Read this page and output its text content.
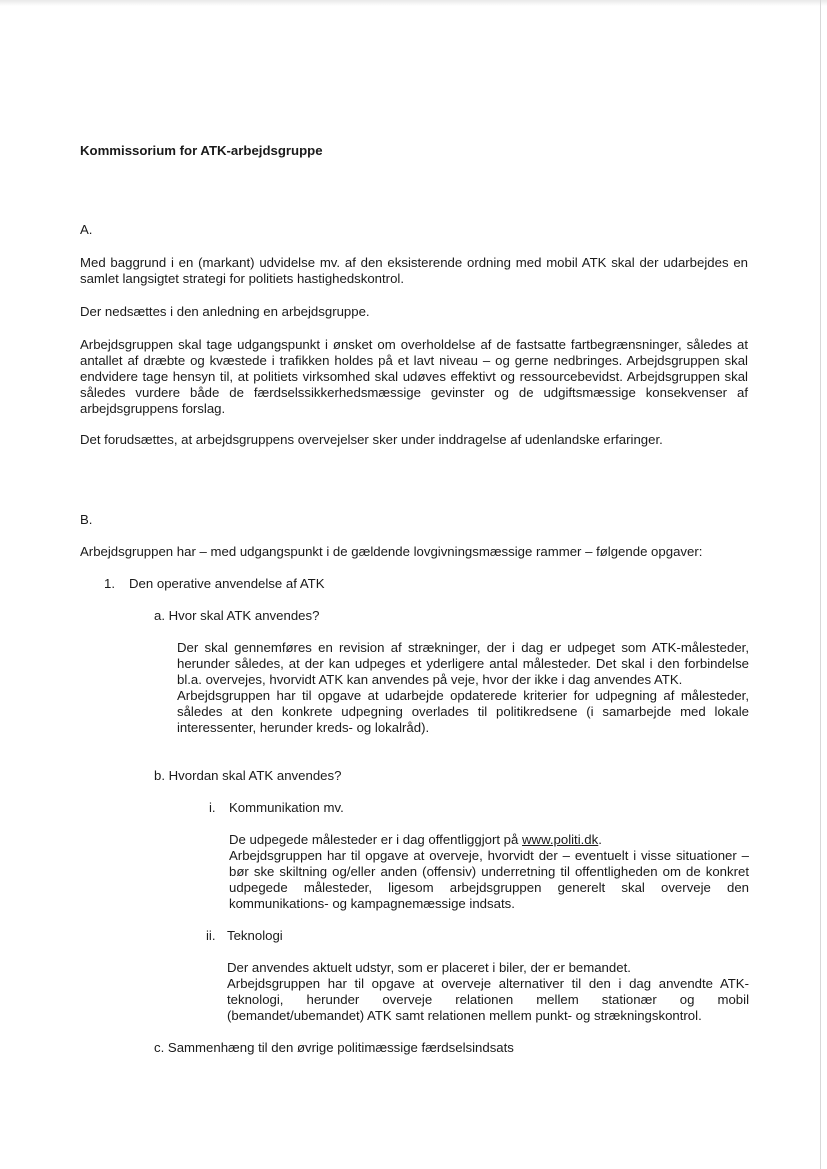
Kommissorium for ATK-arbejdsgruppe

A.

Med baggrund i en (markant) udvidelse mv. af den eksisterende ordning med mobil ATK skal der udarbejdes en samlet langsigtet strategi for politiets hastighedskontrol.

Der nedsættes i den anledning en arbejdsgruppe.

Arbejdsgruppen skal tage udgangspunkt i ønsket om overholdelse af de fastsatte fartbegrænsninger, således at antallet af dræbte og kvæstede i trafikken holdes på et lavt niveau – og gerne nedbringes. Arbejdsgruppen skal endvidere tage hensyn til, at politiets virksomhed skal udøves effektivt og ressourcebevidst. Arbejdsgruppen skal således vurdere både de færdselssikkerhedsmæssige gevinster og de udgiftsmæssige konsekvenser af arbejdsgruppens forslag.

Det forudsættes, at arbejdsgruppens overvejelser sker under inddragelse af udenlandske erfaringer.

B.

Arbejdsgruppen har – med udgangspunkt i de gældende lovgivningsmæssige rammer – følgende opgaver:

1. Den operative anvendelse af ATK

a. Hvor skal ATK anvendes?

Der skal gennemføres en revision af strækninger, der i dag er udpeget som ATK-målesteder, herunder således, at der kan udpeges et yderligere antal målesteder. Det skal i den forbindelse bl.a. overvejes, hvorvidt ATK kan anvendes på veje, hvor der ikke i dag anvendes ATK.
Arbejdsgruppen har til opgave at udarbejde opdaterede kriterier for udpegning af målesteder, således at den konkrete udpegning overlades til politikredsene (i samarbejde med lokale interessenter, herunder kreds- og lokalråd).

b. Hvordan skal ATK anvendes?

i. Kommunikation mv.
De udpegede målesteder er i dag offentliggjort på www.politi.dk.
Arbejdsgruppen har til opgave at overveje, hvorvidt der – eventuelt i visse situationer – bør ske skiltning og/eller anden (offensiv) underretning til offentligheden om de konkret udpegede målesteder, ligesom arbejdsgruppen generelt skal overveje den kommunikations- og kampagnemæssige indsats.
ii. Teknologi
Der anvendes aktuelt udstyr, som er placeret i biler, der er bemandet.
Arbejdsgruppen har til opgave at overveje alternativer til den i dag anvendte ATK-teknologi, herunder overveje relationen mellem stationær og mobil (bemandet/ubemandet) ATK samt relationen mellem punkt- og strækningskontrol.

c. Sammenhæng til den øvrige politimæssige færdselsindsats
